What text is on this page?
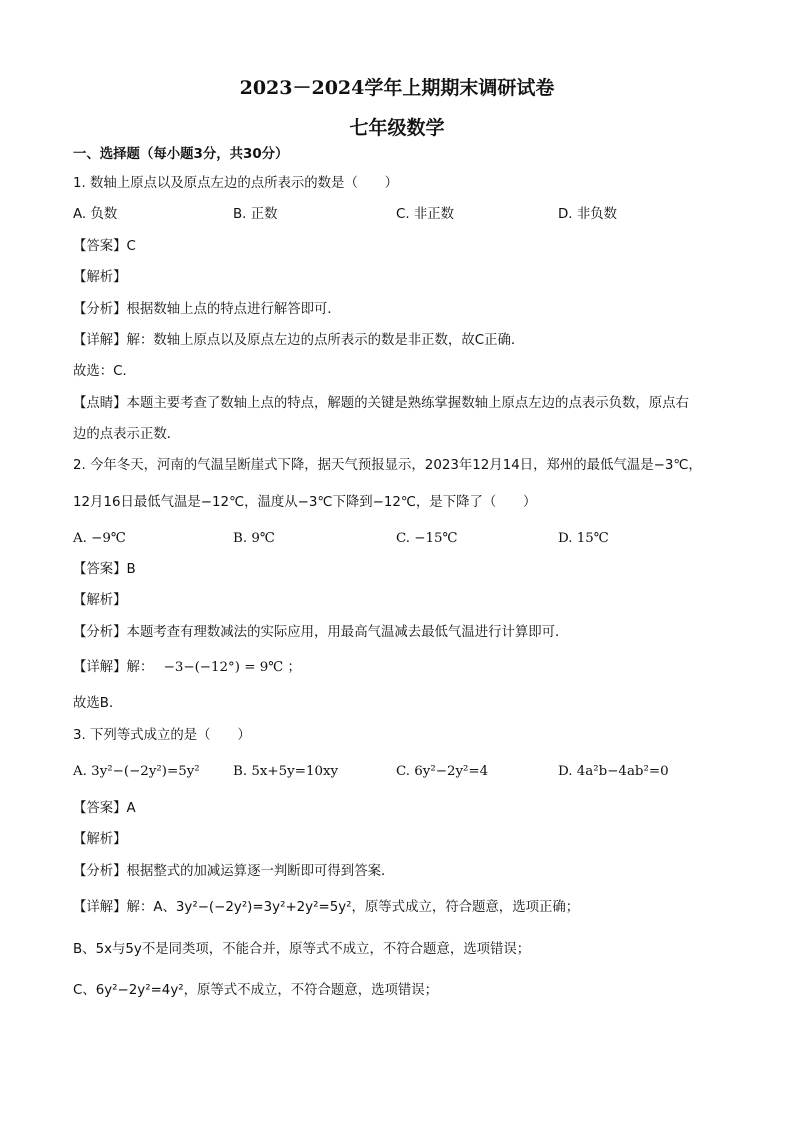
2023－2024学年上期期末调研试卷
七年级数学
一、选择题（每小题3分，共30分）
1. 数轴上原点以及原点左边的点所表示的数是（　　）
A. 负数	B. 正数	C. 非正数	D. 非负数
【答案】C
【解析】
【分析】根据数轴上点的特点进行解答即可．
【详解】解：数轴上原点以及原点左边的点所表示的数是非正数，故C正确．
故选：C．
【点睛】本题主要考查了数轴上点的特点，解题的关键是熟练掌握数轴上原点左边的点表示负数，原点右
边的点表示正数．
2. 今年冬天，河南的气温呈断崖式下降，据天气预报显示，2023年12月14日，郑州的最低气温是−3℃，
12月16日最低气温是−12℃，温度从−3℃下降到−12℃，是下降了（　　）
A. −9℃	B. 9℃	C. −15℃	D. 15℃
【答案】B
【解析】
【分析】本题考查有理数减法的实际应用，用最高气温减去最低气温进行计算即可．
【详解】解： −3−(−12°) = 9℃ ；
故选B．
3. 下列等式成立的是（　　）
A. 3y²−(−2y²)=5y² B. 5x+5y=10xy	C. 6y²−2y²=4	D. 4a²b−4ab²=0
【答案】A
【解析】
【分析】根据整式的加减运算逐一判断即可得到答案．
【详解】解：A、3y²−(−2y²)=3y²+2y²=5y²，原等式成立，符合题意，选项正确；
B、5x与5y不是同类项，不能合并，原等式不成立，不符合题意，选项错误；
C、6y²−2y²=4y²，原等式不成立，不符合题意，选项错误；
